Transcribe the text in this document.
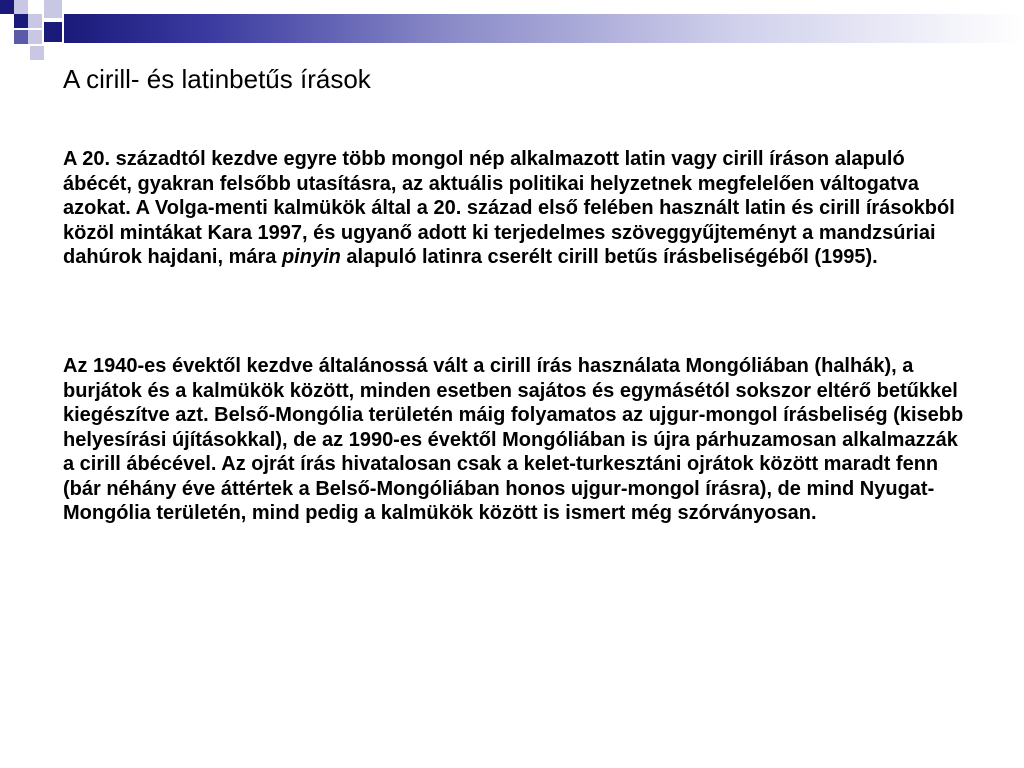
A cirill- és latinbetűs írások

A 20. századtól kezdve egyre több mongol nép alkalmazott latin vagy cirill íráson alapuló ábécét, gyakran felsőbb utasításra, az aktuális politikai helyzetnek megfelelően váltogatva azokat. A Volga-menti kalmükök által a 20. század első felében használt latin és cirill írásokból közöl mintákat Kara 1997, és ugyanő adott ki terjedelmes szöveggyűjteményt a mandzsúriai dahúrok hajdani, mára pinyin alapuló latinra cserélt cirill betűs írásbeliségéből (1995).

Az 1940-es évektől kezdve általánossá vált a cirill írás használata Mongóliában (halhák), a burjátok és a kalmükök között, minden esetben sajátos és egymásétól sokszor eltérő betűkkel kiegészítve azt. Belső-Mongólia területén máig folyamatos az ujgur-mongol írásbeliség (kisebb helyesírási újításokkal), de az 1990-es évektől Mongóliában is újra párhuzamosan alkalmazzák a cirill ábécével. Az ojrát írás hivatalosan csak a kelet-turkesztáni ojrátok között maradt fenn (bár néhány éve áttértek a Belső-Mongóliában honos ujgur-mongol írásra), de mind Nyugat-Mongólia területén, mind pedig a kalmükök között is ismert még szórványosan.
